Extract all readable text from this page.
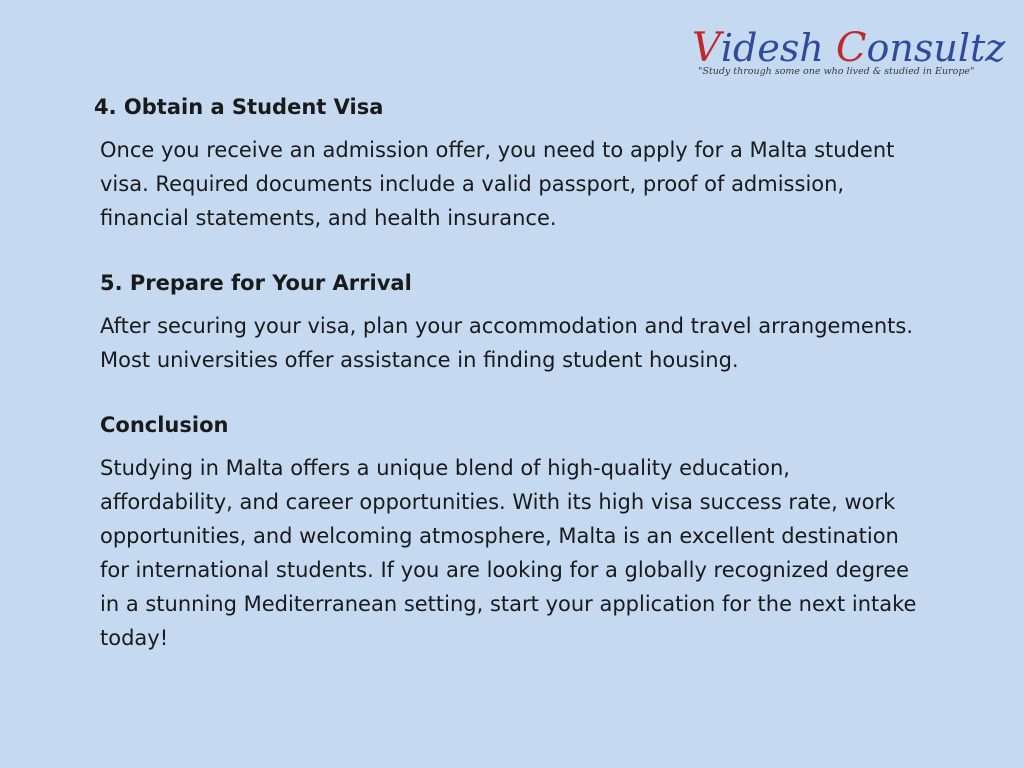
Videsh Consultz
"Study through some one who lived & studied in Europe"
4. Obtain a Student Visa

Once you receive an admission offer, you need to apply for a Malta student visa. Required documents include a valid passport, proof of admission, financial statements, and health insurance.

5. Prepare for Your Arrival

After securing your visa, plan your accommodation and travel arrangements. Most universities offer assistance in finding student housing.

Conclusion

Studying in Malta offers a unique blend of high-quality education, affordability, and career opportunities. With its high visa success rate, work opportunities, and welcoming atmosphere, Malta is an excellent destination for international students. If you are looking for a globally recognized degree in a stunning Mediterranean setting, start your application for the next intake today!
